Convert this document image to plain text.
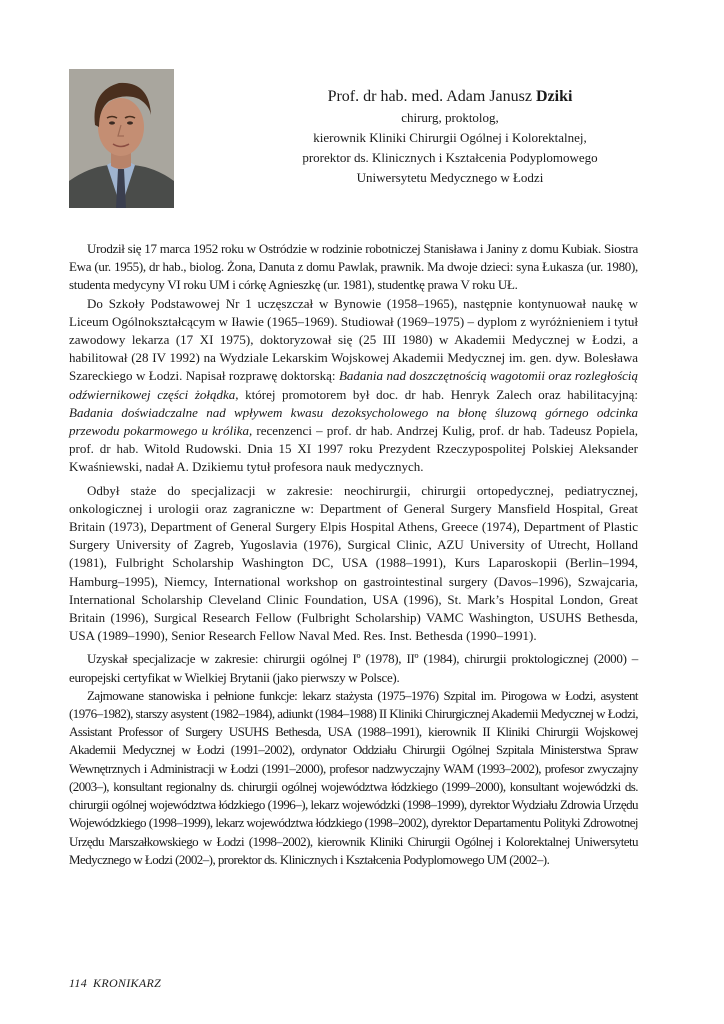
Prof. dr hab. med. Adam Janusz Dziki
chirurg, proktolog,
kierownik Kliniki Chirurgii Ogólnej i Kolorektalnej,
prorektor ds. Klinicznych i Kształcenia Podyplomowego
Uniwersytetu Medycznego w Łodzi

Urodził się 17 marca 1952 roku w Ostródzie w rodzinie robotniczej Stanisława i Janiny z domu Kubiak. Siostra Ewa (ur. 1955), dr hab., biolog. Żona, Danuta z domu Pawlak, prawnik. Ma dwoje dzieci: syna Łukasza (ur. 1980), studenta medycyny VI roku UM i córkę Agnieszkę (ur. 1981), studentkę prawa V roku UŁ.

Do Szkoły Podstawowej Nr 1 uczęszczał w Bynowie (1958–1965), następnie kontynuował naukę w Liceum Ogólnokształcącym w Iławie (1965–1969). Studiował (1969–1975) – dyplom z wyróżnieniem i tytuł zawodowy lekarza (17 XI 1975), doktoryzował się (25 III 1980) w Akademii Medycznej w Łodzi, a habilitował (28 IV 1992) na Wydziale Lekarskim Wojskowej Akademii Medycznej im. gen. dyw. Bolesława Szareckiego w Łodzi. Napisał rozprawę doktorską: Badania nad doszczętnością wagotomii oraz rozległością odźwiernikowej części żołądka, której promotorem był doc. dr hab. Henryk Zalech oraz habilitacyjną: Badania doświadczalne nad wpływem kwasu dezoksycholowego na błonę śluzową górnego odcinka przewodu pokarmowego u królika, recenzenci – prof. dr hab. Andrzej Kulig, prof. dr hab. Tadeusz Popiela, prof. dr hab. Witold Rudowski. Dnia 15 XI 1997 roku Prezydent Rzeczypospolitej Polskiej Aleksander Kwaśniewski, nadał A. Dzikiemu tytuł profesora nauk medycznych.

Odbył staże do specjalizacji w zakresie: neochirurgii, chirurgii ortopedycznej, pediatrycznej, onkologicznej i urologii oraz zagraniczne w: Department of General Surgery Mansfield Hospital, Great Britain (1973), Department of General Surgery Elpis Hospital Athens, Greece (1974), Department of Plastic Surgery University of Zagreb, Yugoslavia (1976), Surgical Clinic, AZU University of Utrecht, Holland (1981), Fulbright Scholarship Washington DC, USA (1988–1991), Kurs Laparoskopii (Berlin–1994, Hamburg–1995), Niemcy, International workshop on gastrointestinal surgery (Davos–1996), Szwajcaria, International Scholarship Cleveland Clinic Foundation, USA (1996), St. Mark’s Hospital London, Great Britain (1996), Surgical Research Fellow (Fulbright Scholarship) VAMC Washington, USUHS Bethesda, USA (1989–1990), Senior Research Fellow Naval Med. Res. Inst. Bethesda (1990–1991).

Uzyskał specjalizacje w zakresie: chirurgii ogólnej Iº (1978), IIº (1984), chirurgii proktologicznej (2000) – europejski certyfikat w Wielkiej Brytanii (jako pierwszy w Polsce).

Zajmowane stanowiska i pełnione funkcje: lekarz stażysta (1975–1976) Szpital im. Pirogowa w Łodzi, asystent (1976–1982), starszy asystent (1982–1984), adiunkt (1984–1988) II Kliniki Chirurgicznej Akademii Medycznej w Łodzi, Assistant Professor of Surgery USUHS Bethesda, USA (1988–1991), kierownik II Kliniki Chirurgii Wojskowej Akademii Medycznej w Łodzi (1991–2002), ordynator Oddziału Chirurgii Ogólnej Szpitala Ministerstwa Spraw Wewnętrznych i Administracji w Łodzi (1991–2000), profesor nadzwyczajny WAM (1993–2002), profesor zwyczajny (2003–), konsultant regionalny ds. chirurgii ogólnej województwa łódzkiego (1999–2000), konsultant wojewódzki ds. chirurgii ogólnej województwa łódzkiego (1996–), lekarz wojewódzki (1998–1999), dyrektor Wydziału Zdrowia Urzędu Wojewódzkiego (1998–1999), lekarz województwa łódzkiego (1998–2002), dyrektor Departamentu Polityki Zdrowotnej Urzędu Marszałkowskiego w Łodzi (1998–2002), kierownik Kliniki Chirurgii Ogólnej i Kolorektalnej Uniwersytetu Medycznego w Łodzi (2002–), prorektor ds. Klinicznych i Kształcenia Podyplomowego UM (2002–).

114 KRONIKARZ
